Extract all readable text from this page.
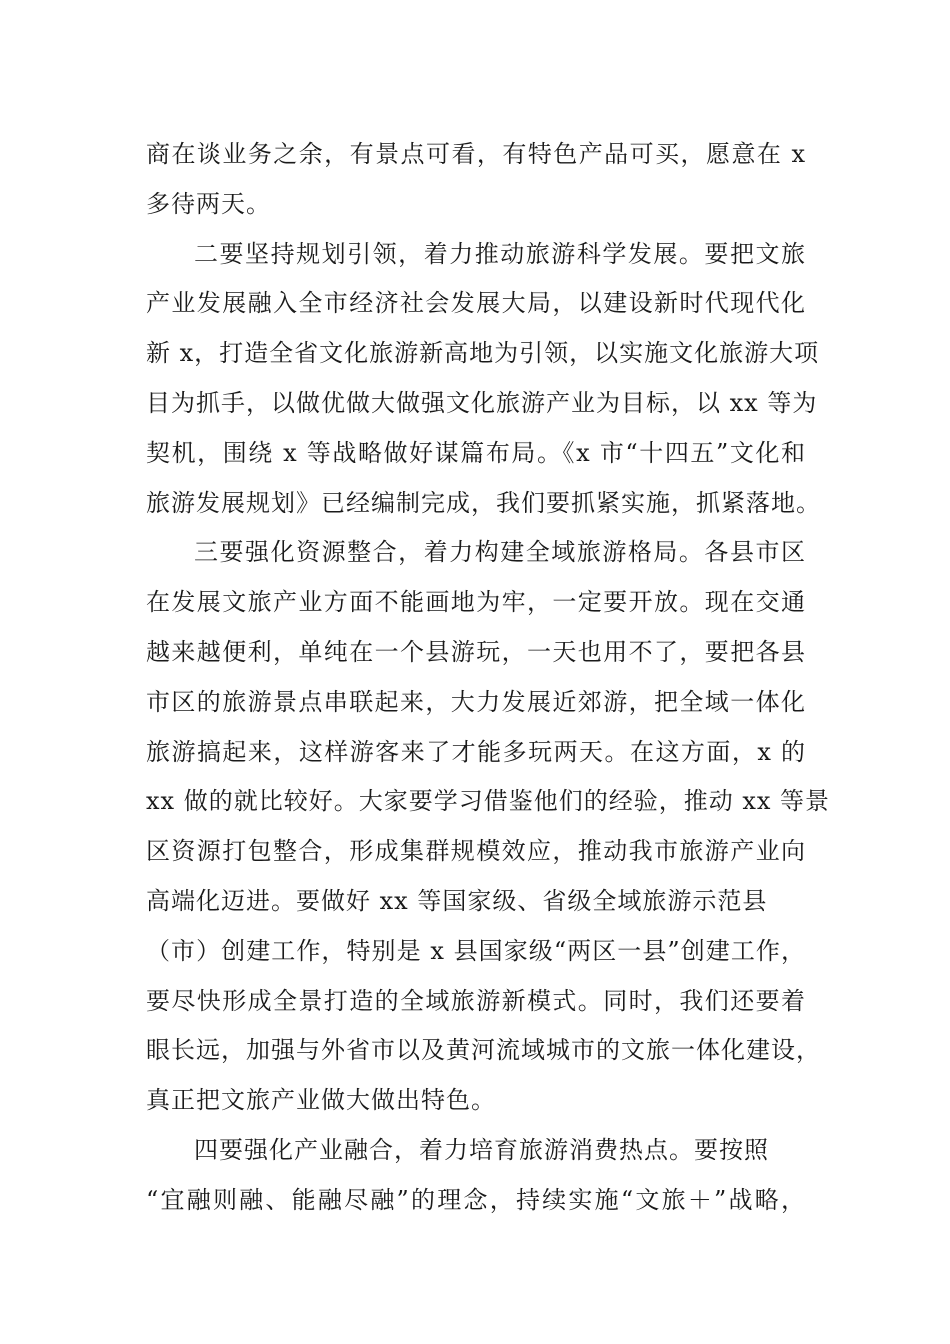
商在谈业务之余，有景点可看，有特色产品可买，愿意在 x
多待两天。
二要坚持规划引领，着力推动旅游科学发展。要把文旅
产业发展融入全市经济社会发展大局，以建设新时代现代化
新 x，打造全省文化旅游新高地为引领，以实施文化旅游大项
目为抓手，以做优做大做强文化旅游产业为目标，以 xx 等为
契机，围绕 x 等战略做好谋篇布局。《x 市“十四五”文化和
旅游发展规划》已经编制完成，我们要抓紧实施，抓紧落地。
三要强化资源整合，着力构建全域旅游格局。各县市区
在发展文旅产业方面不能画地为牢，一定要开放。现在交通
越来越便利，单纯在一个县游玩，一天也用不了，要把各县
市区的旅游景点串联起来，大力发展近郊游，把全域一体化
旅游搞起来，这样游客来了才能多玩两天。在这方面，x 的
xx 做的就比较好。大家要学习借鉴他们的经验，推动 xx 等景
区资源打包整合，形成集群规模效应，推动我市旅游产业向
高端化迈进。要做好 xx 等国家级、省级全域旅游示范县
（市）创建工作，特别是 x 县国家级“两区一县”创建工作，
要尽快形成全景打造的全域旅游新模式。同时，我们还要着
眼长远，加强与外省市以及黄河流域城市的文旅一体化建设，
真正把文旅产业做大做出特色。
四要强化产业融合，着力培育旅游消费热点。要按照
“宜融则融、能融尽融”的理念，持续实施“文旅＋”战略，
